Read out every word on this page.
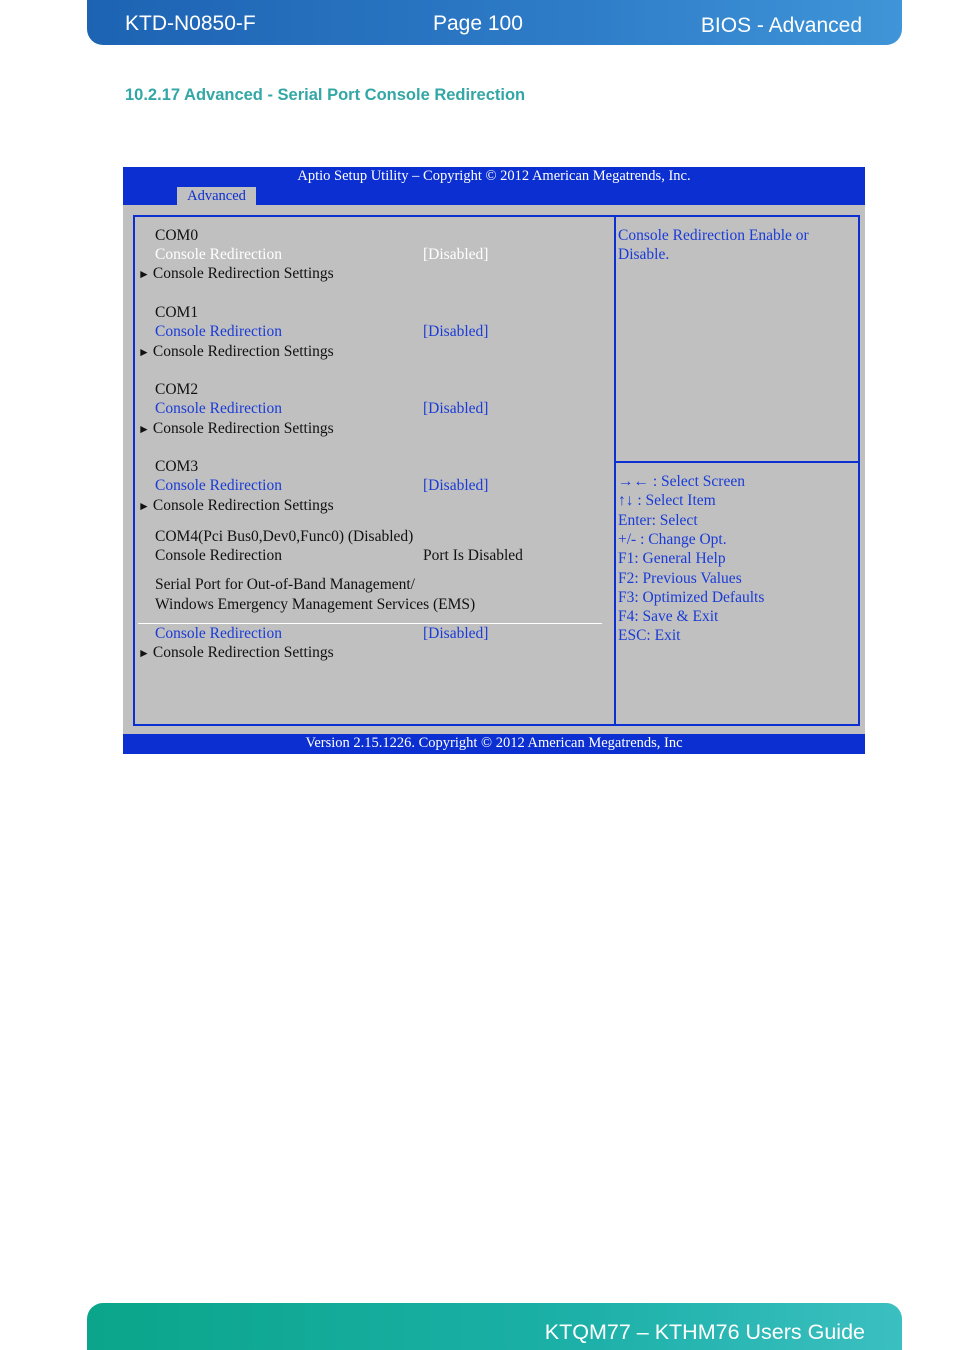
KTD-N0850-F	Page 100	BIOS - Advanced
10.2.17 Advanced - Serial Port Console Redirection
Aptio Setup Utility – Copyright © 2012 American Megatrends, Inc.
Advanced
COM0
Console Redirection	[Disabled]
► Console Redirection Settings
COM1
Console Redirection	[Disabled]
► Console Redirection Settings
COM2
Console Redirection	[Disabled]
► Console Redirection Settings
COM3
Console Redirection	[Disabled]
► Console Redirection Settings
COM4(Pci Bus0,Dev0,Func0) (Disabled)
Console Redirection	Port Is Disabled
Serial Port for Out-of-Band Management/
Windows Emergency Management Services (EMS)
Console Redirection	[Disabled]
► Console Redirection Settings
Console Redirection Enable or
Disable.
→← : Select Screen
↑↓ : Select Item
Enter: Select
+/- : Change Opt.
F1: General Help
F2: Previous Values
F3: Optimized Defaults
F4: Save & Exit
ESC: Exit
Version 2.15.1226. Copyright © 2012 American Megatrends, Inc
KTQM77 – KTHM76 Users Guide
